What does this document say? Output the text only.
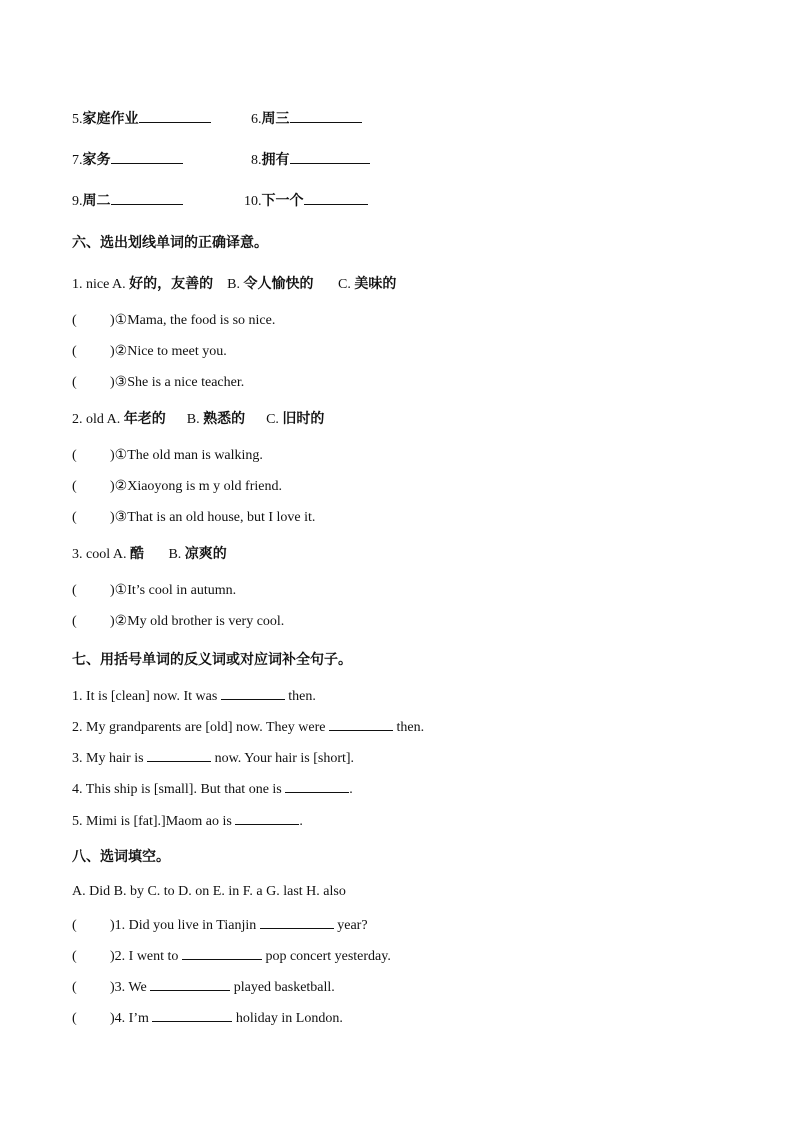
5.家庭作业	6.周三
7.家务	8.拥有
9.周二	10.下一个
六、选出划线单词的正确译意。
1. nice A. 好的，友善的 B. 令人愉快的 C. 美味的
( )①Mama, the food is so nice.
( )②Nice to meet you.
( )③She is a nice teacher.
2. old A. 年老的 B. 熟悉的 C. 旧时的
( )①The old man is walking.
( )②Xiaoyong is m y old friend.
( )③That is an old house, but I love it.
3. cool A. 酷 B. 凉爽的
( )①It’s cool in autumn.
( )②My old brother is very cool.
七、用括号单词的反义词或对应词补全句子。
1. It is [clean] now. It was	then.
2. My grandparents are [old] now. They were	then.
3. My hair is	now. Your hair is [short].
4. This ship is [small]. But that one is	.
5. Mimi is [fat].]Maom ao is	.
八、选词填空。
A. Did B. by C. to D. on E. in F. a G. last H. also
( )1. Did you live in Tianjin	year?
( )2. I went to	pop concert yesterday.
( )3. We	played basketball.
( )4. I’m	holiday in London.
